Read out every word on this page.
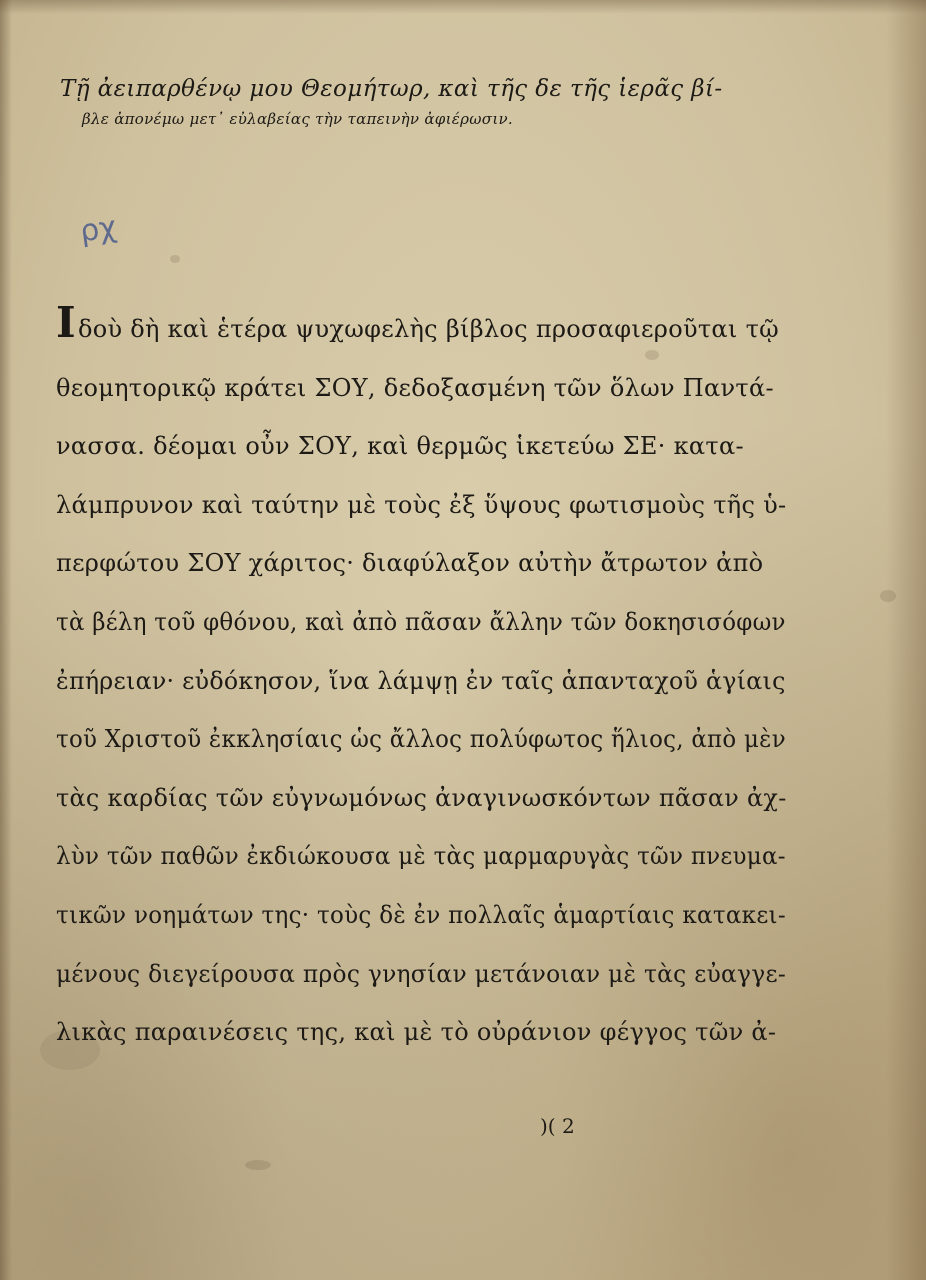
ρχ
Τῇ ἀειπαρθένῳ μου Θεομήτωρ, καὶ τῆς δε τῆς ἱερᾶς βί-
βλε ἀπονέμω μετ᾿ εὐλαβείας τὴν ταπεινὴν ἀφιέρωσιν.
Ιδοὺ δὴ καὶ ἑτέρα ψυχωφελὴς βίβλος προσαφιεροῦται τῷ
θεομητορικῷ κράτει ΣΟΥ, δεδοξασμένη τῶν ὅλων Παντά-
νασσα. δέομαι οὖν ΣΟΥ, καὶ θερμῶς ἱκετεύω ΣΕ· κατα-
λάμπρυνον καὶ ταύτην μὲ τοὺς ἐξ ὕψους φωτισμοὺς τῆς ὑ-
περφώτου ΣΟΥ χάριτος· διαφύλαξον αὐτὴν ἄτρωτον ἀπὸ
τὰ βέλη τοῦ φθόνου, καὶ ἀπὸ πᾶσαν ἄλλην τῶν δοκησισόφων
ἐπήρειαν· εὐδόκησον, ἵνα λάμψῃ ἐν ταῖς ἁπανταχοῦ ἁγίαις
τοῦ Χριστοῦ ἐκκλησίαις ὡς ἄλλος πολύφωτος ἥλιος, ἀπὸ μὲν
τὰς καρδίας τῶν εὐγνωμόνως ἀναγινωσκόντων πᾶσαν ἀχ-
λὺν τῶν παθῶν ἐκδιώκουσα μὲ τὰς μαρμαρυγὰς τῶν πνευμα-
τικῶν νοημάτων της· τοὺς δὲ ἐν πολλαῖς ἁμαρτίαις κατακει-
μένους διεγείρουσα πρὸς γνησίαν μετάνοιαν μὲ τὰς εὐαγγε-
λικὰς παραινέσεις της, καὶ μὲ τὸ οὐράνιον φέγγος τῶν ἀ-
)( 2
